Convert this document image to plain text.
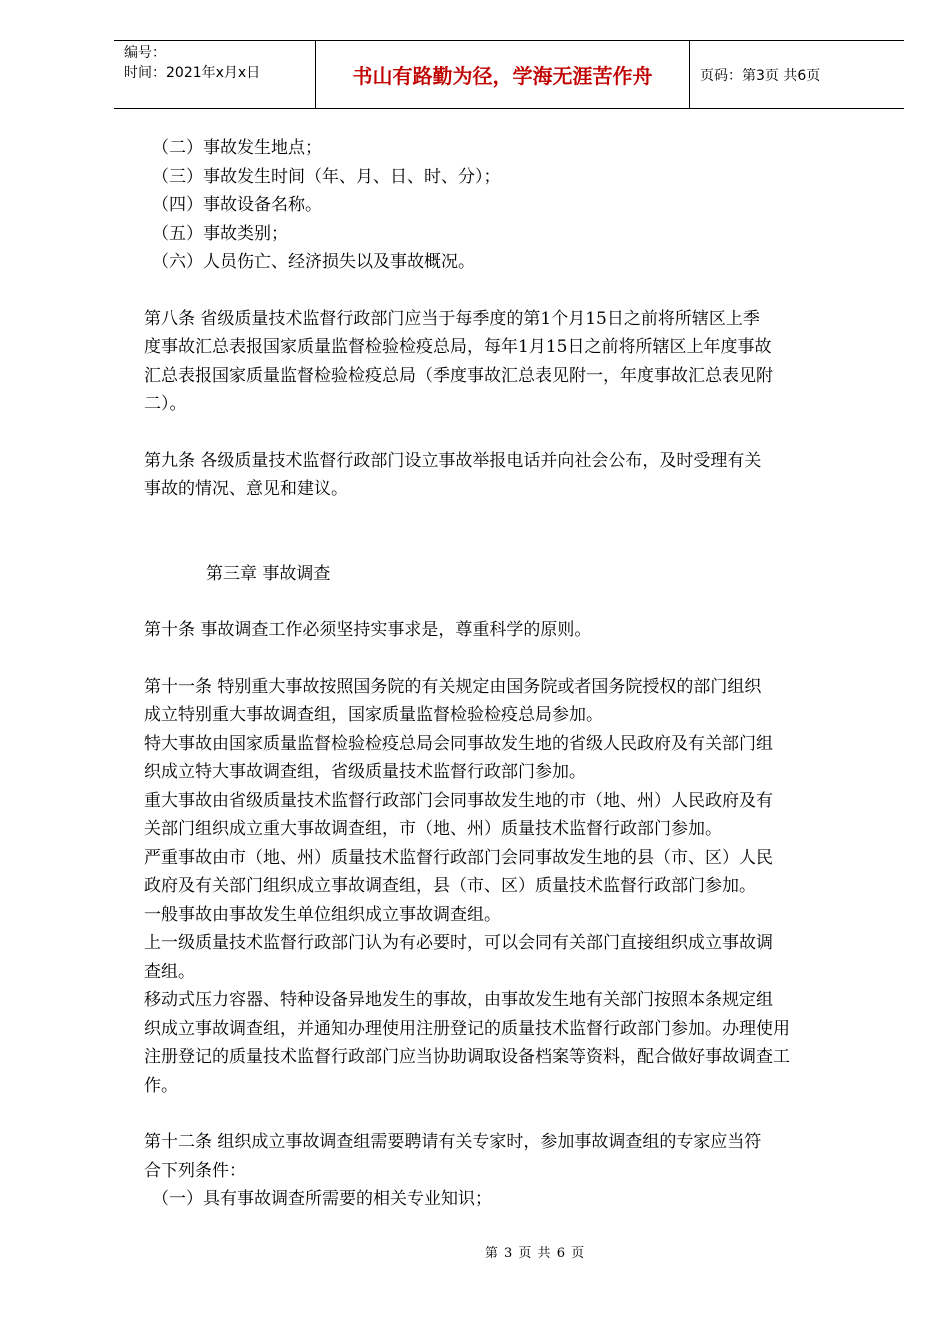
编号：
时间：2021年x月x日	书山有路勤为径，学海无涯苦作舟	页码：第3页 共6页

（二）事故发生地点；

（三）事故发生时间（年、月、日、时、分）；

（四）事故设备名称。

（五）事故类别；

（六）人员伤亡、经济损失以及事故概况。

第八条 省级质量技术监督行政部门应当于每季度的第1个月15日之前将所辖区上季

度事故汇总表报国家质量监督检验检疫总局，每年1月15日之前将所辖区上年度事故

汇总表报国家质量监督检验检疫总局（季度事故汇总表见附一，年度事故汇总表见附

二）。

第九条 各级质量技术监督行政部门设立事故举报电话并向社会公布，及时受理有关

事故的情况、意见和建议。

第三章 事故调查

第十条 事故调查工作必须坚持实事求是，尊重科学的原则。

第十一条 特别重大事故按照国务院的有关规定由国务院或者国务院授权的部门组织

成立特别重大事故调查组，国家质量监督检验检疫总局参加。

特大事故由国家质量监督检验检疫总局会同事故发生地的省级人民政府及有关部门组

织成立特大事故调查组，省级质量技术监督行政部门参加。

重大事故由省级质量技术监督行政部门会同事故发生地的市（地、州）人民政府及有

关部门组织成立重大事故调查组，市（地、州）质量技术监督行政部门参加。

严重事故由市（地、州）质量技术监督行政部门会同事故发生地的县（市、区）人民

政府及有关部门组织成立事故调查组，县（市、区）质量技术监督行政部门参加。

一般事故由事故发生单位组织成立事故调查组。

上一级质量技术监督行政部门认为有必要时，可以会同有关部门直接组织成立事故调

查组。

移动式压力容器、特种设备异地发生的事故，由事故发生地有关部门按照本条规定组

织成立事故调查组，并通知办理使用注册登记的质量技术监督行政部门参加。办理使用

注册登记的质量技术监督行政部门应当协助调取设备档案等资料，配合做好事故调查工

作。

第十二条 组织成立事故调查组需要聘请有关专家时，参加事故调查组的专家应当符

合下列条件：

（一）具有事故调查所需要的相关专业知识；

第 3 页 共 6 页
